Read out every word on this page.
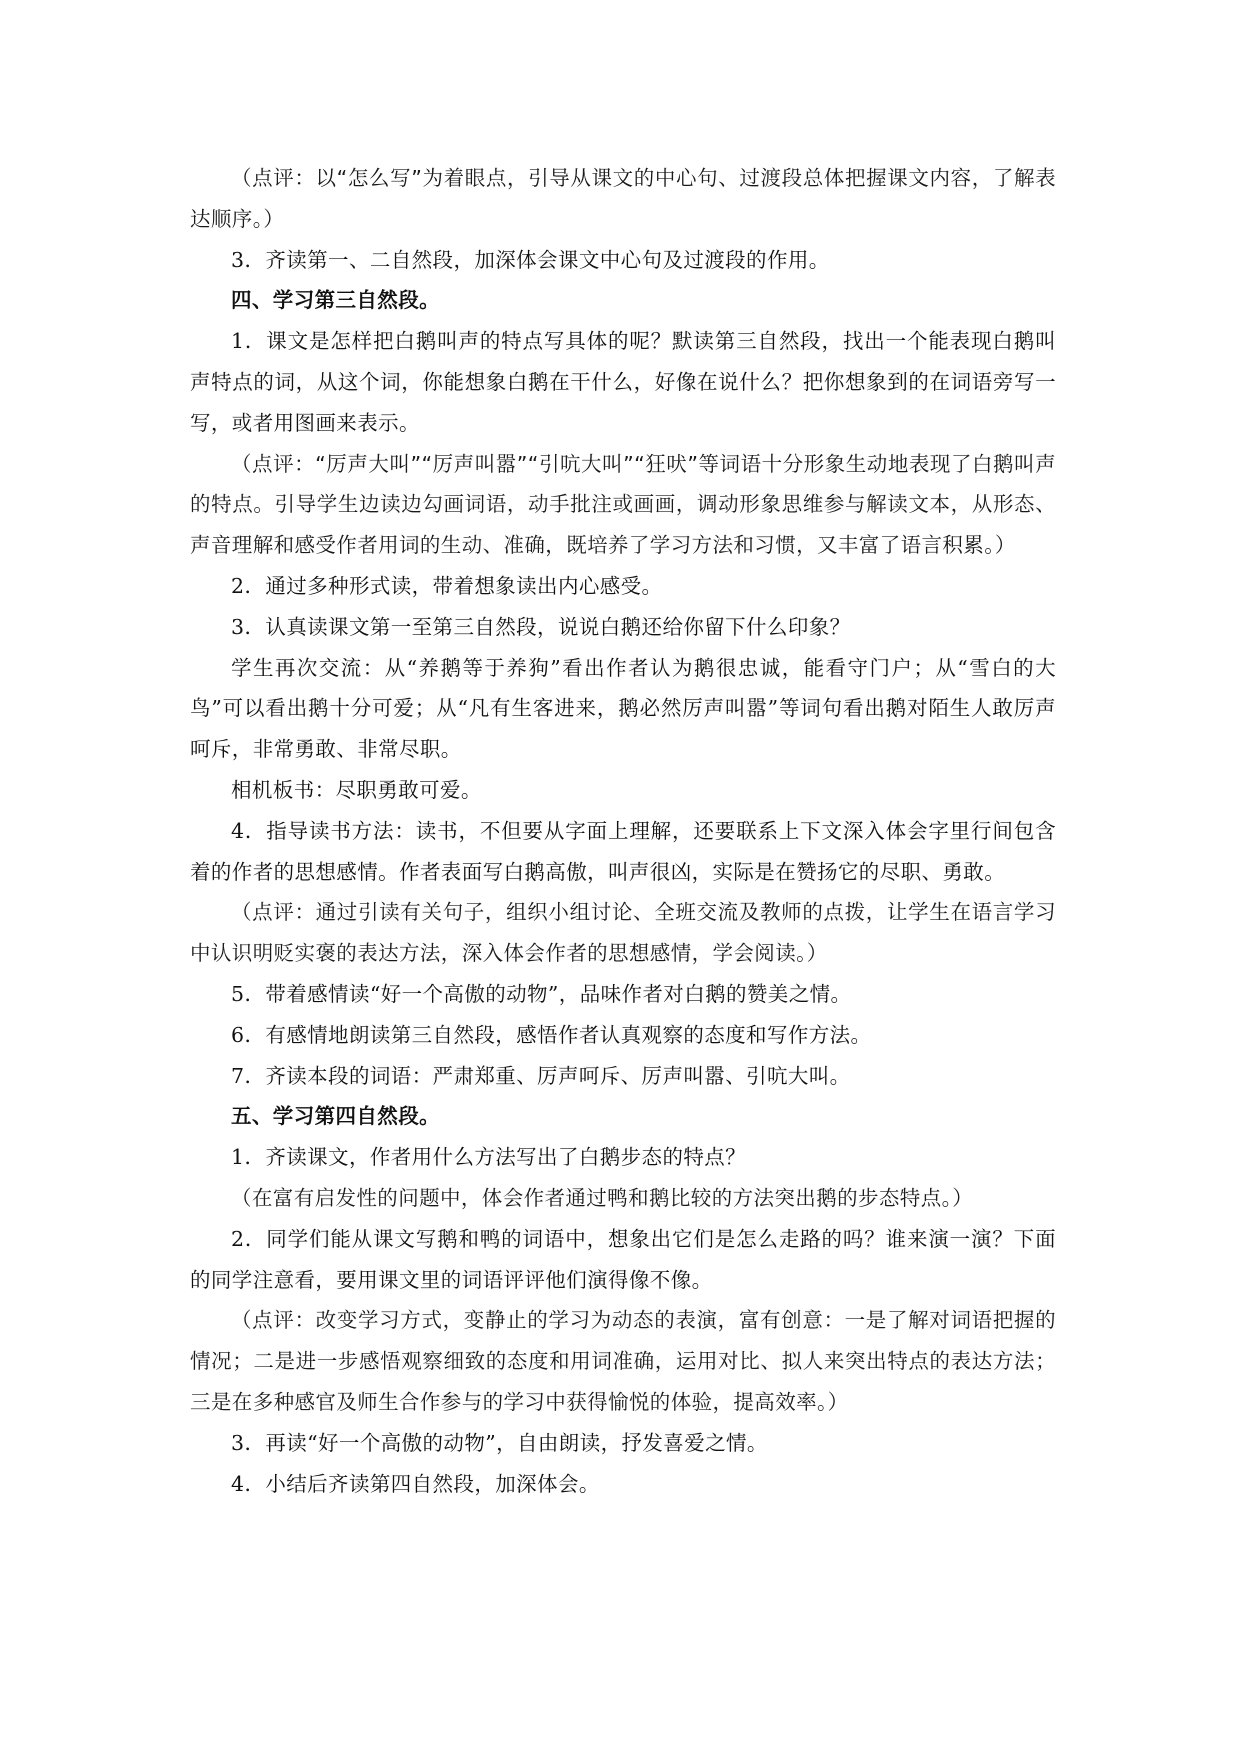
（点评：以“怎么写”为着眼点，引导从课文的中心句、过渡段总体把握课文内容，了解表达顺序。）

3．齐读第一、二自然段，加深体会课文中心句及过渡段的作用。

四、学习第三自然段。

1．课文是怎样把白鹅叫声的特点写具体的呢？默读第三自然段，找出一个能表现白鹅叫声特点的词，从这个词，你能想象白鹅在干什么，好像在说什么？把你想象到的在词语旁写一写，或者用图画来表示。

（点评：“厉声大叫”“厉声叫嚣”“引吭大叫”“狂吠”等词语十分形象生动地表现了白鹅叫声的特点。引导学生边读边勾画词语，动手批注或画画，调动形象思维参与解读文本，从形态、声音理解和感受作者用词的生动、准确，既培养了学习方法和习惯，又丰富了语言积累。）

2．通过多种形式读，带着想象读出内心感受。

3．认真读课文第一至第三自然段，说说白鹅还给你留下什么印象？

学生再次交流：从“养鹅等于养狗”看出作者认为鹅很忠诚，能看守门户；从“雪白的大鸟”可以看出鹅十分可爱；从“凡有生客进来，鹅必然厉声叫嚣”等词句看出鹅对陌生人敢厉声呵斥，非常勇敢、非常尽职。

相机板书：尽职勇敢可爱。

4．指导读书方法：读书，不但要从字面上理解，还要联系上下文深入体会字里行间包含着的作者的思想感情。作者表面写白鹅高傲，叫声很凶，实际是在赞扬它的尽职、勇敢。

（点评：通过引读有关句子，组织小组讨论、全班交流及教师的点拨，让学生在语言学习中认识明贬实褒的表达方法，深入体会作者的思想感情，学会阅读。）

5．带着感情读“好一个高傲的动物”，品味作者对白鹅的赞美之情。

6．有感情地朗读第三自然段，感悟作者认真观察的态度和写作方法。

7．齐读本段的词语：严肃郑重、厉声呵斥、厉声叫嚣、引吭大叫。

五、学习第四自然段。

1．齐读课文，作者用什么方法写出了白鹅步态的特点？

（在富有启发性的问题中，体会作者通过鸭和鹅比较的方法突出鹅的步态特点。）

2．同学们能从课文写鹅和鸭的词语中，想象出它们是怎么走路的吗？谁来演一演？下面的同学注意看，要用课文里的词语评评他们演得像不像。

（点评：改变学习方式，变静止的学习为动态的表演，富有创意：一是了解对词语把握的情况；二是进一步感悟观察细致的态度和用词准确，运用对比、拟人来突出特点的表达方法；三是在多种感官及师生合作参与的学习中获得愉悦的体验，提高效率。）

3．再读“好一个高傲的动物”，自由朗读，抒发喜爱之情。

4．小结后齐读第四自然段，加深体会。
